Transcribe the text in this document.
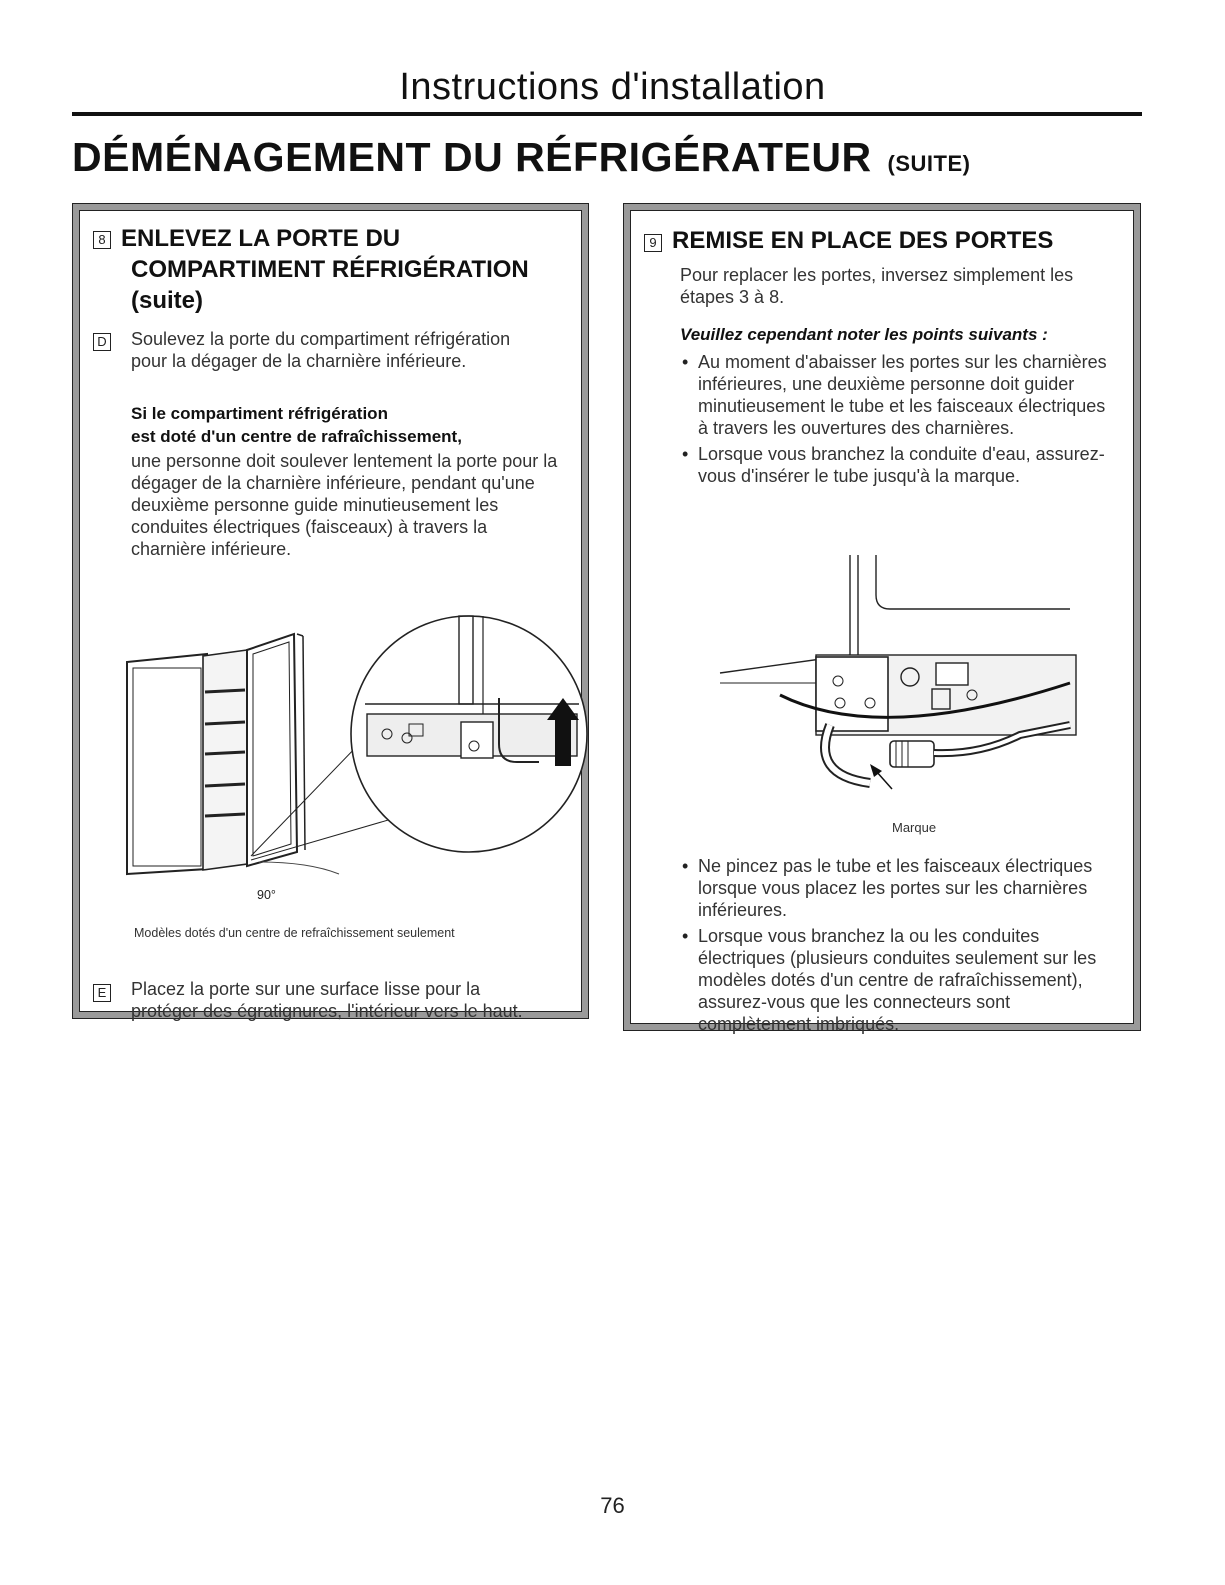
Instructions d'installation
DÉMÉNAGEMENT DU RÉFRIGÉRATEUR (SUITE)
8 ENLEVEZ LA PORTE DU
COMPARTIMENT RÉFRIGÉRATION
(suite)
D Soulevez la porte du compartiment réfrigération pour la dégager de la charnière inférieure.
Si le compartiment réfrigération
est doté d'un centre de rafraîchissement,
une personne doit soulever lentement la porte pour la dégager de la charnière inférieure, pendant qu'une deuxième personne guide minutieusement les conduites électriques (faisceaux) à travers la charnière inférieure.
90°
Modèles dotés d'un centre de refraîchissement seulement
E Placez la porte sur une surface lisse pour la protéger des égratignures, l'intérieur vers le haut.
9 REMISE EN PLACE DES PORTES
Pour replacer les portes, inversez simplement les étapes 3 à 8.
Veuillez cependant noter les points suivants :
• Au moment d'abaisser les portes sur les charnières inférieures, une deuxième personne doit guider minutieusement le tube et les faisceaux électriques à travers les ouvertures des charnières.
• Lorsque vous branchez la conduite d'eau, assurez-vous d'insérer le tube jusqu'à la marque.
Marque
• Ne pincez pas le tube et les faisceaux électriques lorsque vous placez les portes sur les charnières inférieures.
• Lorsque vous branchez la ou les conduites électriques (plusieurs conduites seulement sur les modèles dotés d'un centre de rafraîchissement), assurez-vous que les connecteurs sont complètement imbriqués.
76
